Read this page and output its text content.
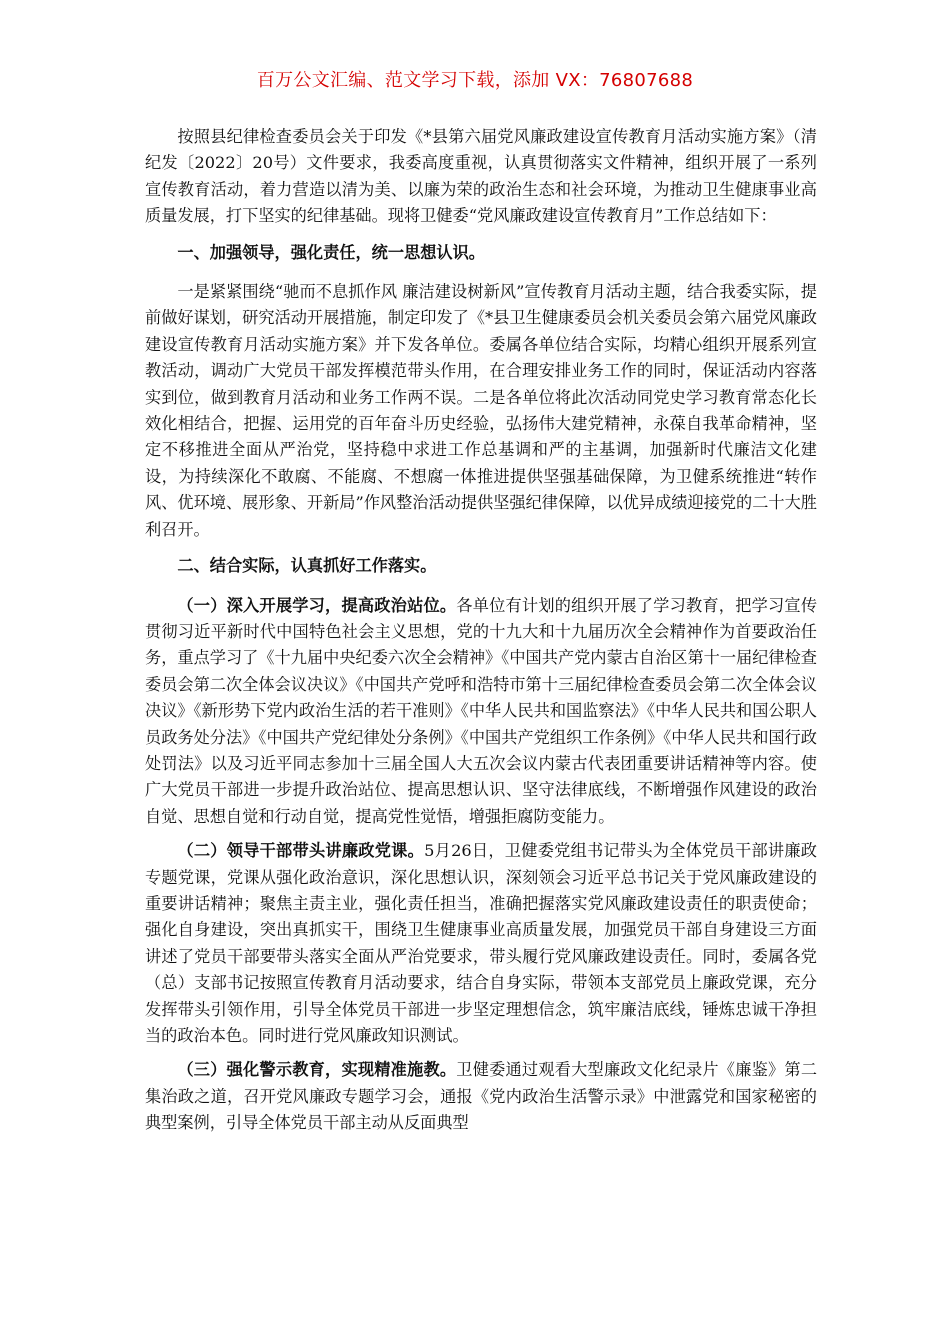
百万公文汇编、范文学习下载，添加 VX：76807688

按照县纪律检查委员会关于印发《*县第六届党风廉政建设宣传教育月活动实施方案》（清纪发〔2022〕20号）文件要求，我委高度重视，认真贯彻落实文件精神，组织开展了一系列宣传教育活动，着力营造以清为美、以廉为荣的政治生态和社会环境，为推动卫生健康事业高质量发展，打下坚实的纪律基础。现将卫健委“党风廉政建设宣传教育月”工作总结如下：

一、加强领导，强化责任，统一思想认识。

一是紧紧围绕“驰而不息抓作风 廉洁建设树新风”宣传教育月活动主题，结合我委实际，提前做好谋划，研究活动开展措施，制定印发了《*县卫生健康委员会机关委员会第六届党风廉政建设宣传教育月活动实施方案》并下发各单位。委属各单位结合实际，均精心组织开展系列宣教活动，调动广大党员干部发挥模范带头作用，在合理安排业务工作的同时，保证活动内容落实到位，做到教育月活动和业务工作两不误。二是各单位将此次活动同党史学习教育常态化长效化相结合，把握、运用党的百年奋斗历史经验，弘扬伟大建党精神，永葆自我革命精神，坚定不移推进全面从严治党，坚持稳中求进工作总基调和严的主基调，加强新时代廉洁文化建设，为持续深化不敢腐、不能腐、不想腐一体推进提供坚强基础保障，为卫健系统推进“转作风、优环境、展形象、开新局”作风整治活动提供坚强纪律保障，以优异成绩迎接党的二十大胜利召开。

二、结合实际，认真抓好工作落实。

（一）深入开展学习，提高政治站位。各单位有计划的组织开展了学习教育，把学习宣传贯彻习近平新时代中国特色社会主义思想，党的十九大和十九届历次全会精神作为首要政治任务，重点学习了《十九届中央纪委六次全会精神》《中国共产党内蒙古自治区第十一届纪律检查委员会第二次全体会议决议》《中国共产党呼和浩特市第十三届纪律检查委员会第二次全体会议决议》《新形势下党内政治生活的若干准则》《中华人民共和国监察法》《中华人民共和国公职人员政务处分法》《中国共产党纪律处分条例》《中国共产党组织工作条例》《中华人民共和国行政处罚法》以及习近平同志参加十三届全国人大五次会议内蒙古代表团重要讲话精神等内容。使广大党员干部进一步提升政治站位、提高思想认识、坚守法律底线，不断增强作风建设的政治自觉、思想自觉和行动自觉，提高党性觉悟，增强拒腐防变能力。

（二）领导干部带头讲廉政党课。5月26日，卫健委党组书记带头为全体党员干部讲廉政专题党课，党课从强化政治意识，深化思想认识，深刻领会习近平总书记关于党风廉政建设的重要讲话精神；聚焦主责主业，强化责任担当，准确把握落实党风廉政建设责任的职责使命；强化自身建设，突出真抓实干，围绕卫生健康事业高质量发展，加强党员干部自身建设三方面讲述了党员干部要带头落实全面从严治党要求，带头履行党风廉政建设责任。同时，委属各党（总）支部书记按照宣传教育月活动要求，结合自身实际，带领本支部党员上廉政党课，充分发挥带头引领作用，引导全体党员干部进一步坚定理想信念，筑牢廉洁底线，锤炼忠诚干净担当的政治本色。同时进行党风廉政知识测试。

（三）强化警示教育，实现精准施教。卫健委通过观看大型廉政文化纪录片《廉鉴》第二集治政之道，召开党风廉政专题学习会，通报《党内政治生活警示录》中泄露党和国家秘密的典型案例，引导全体党员干部主动从反面典型
